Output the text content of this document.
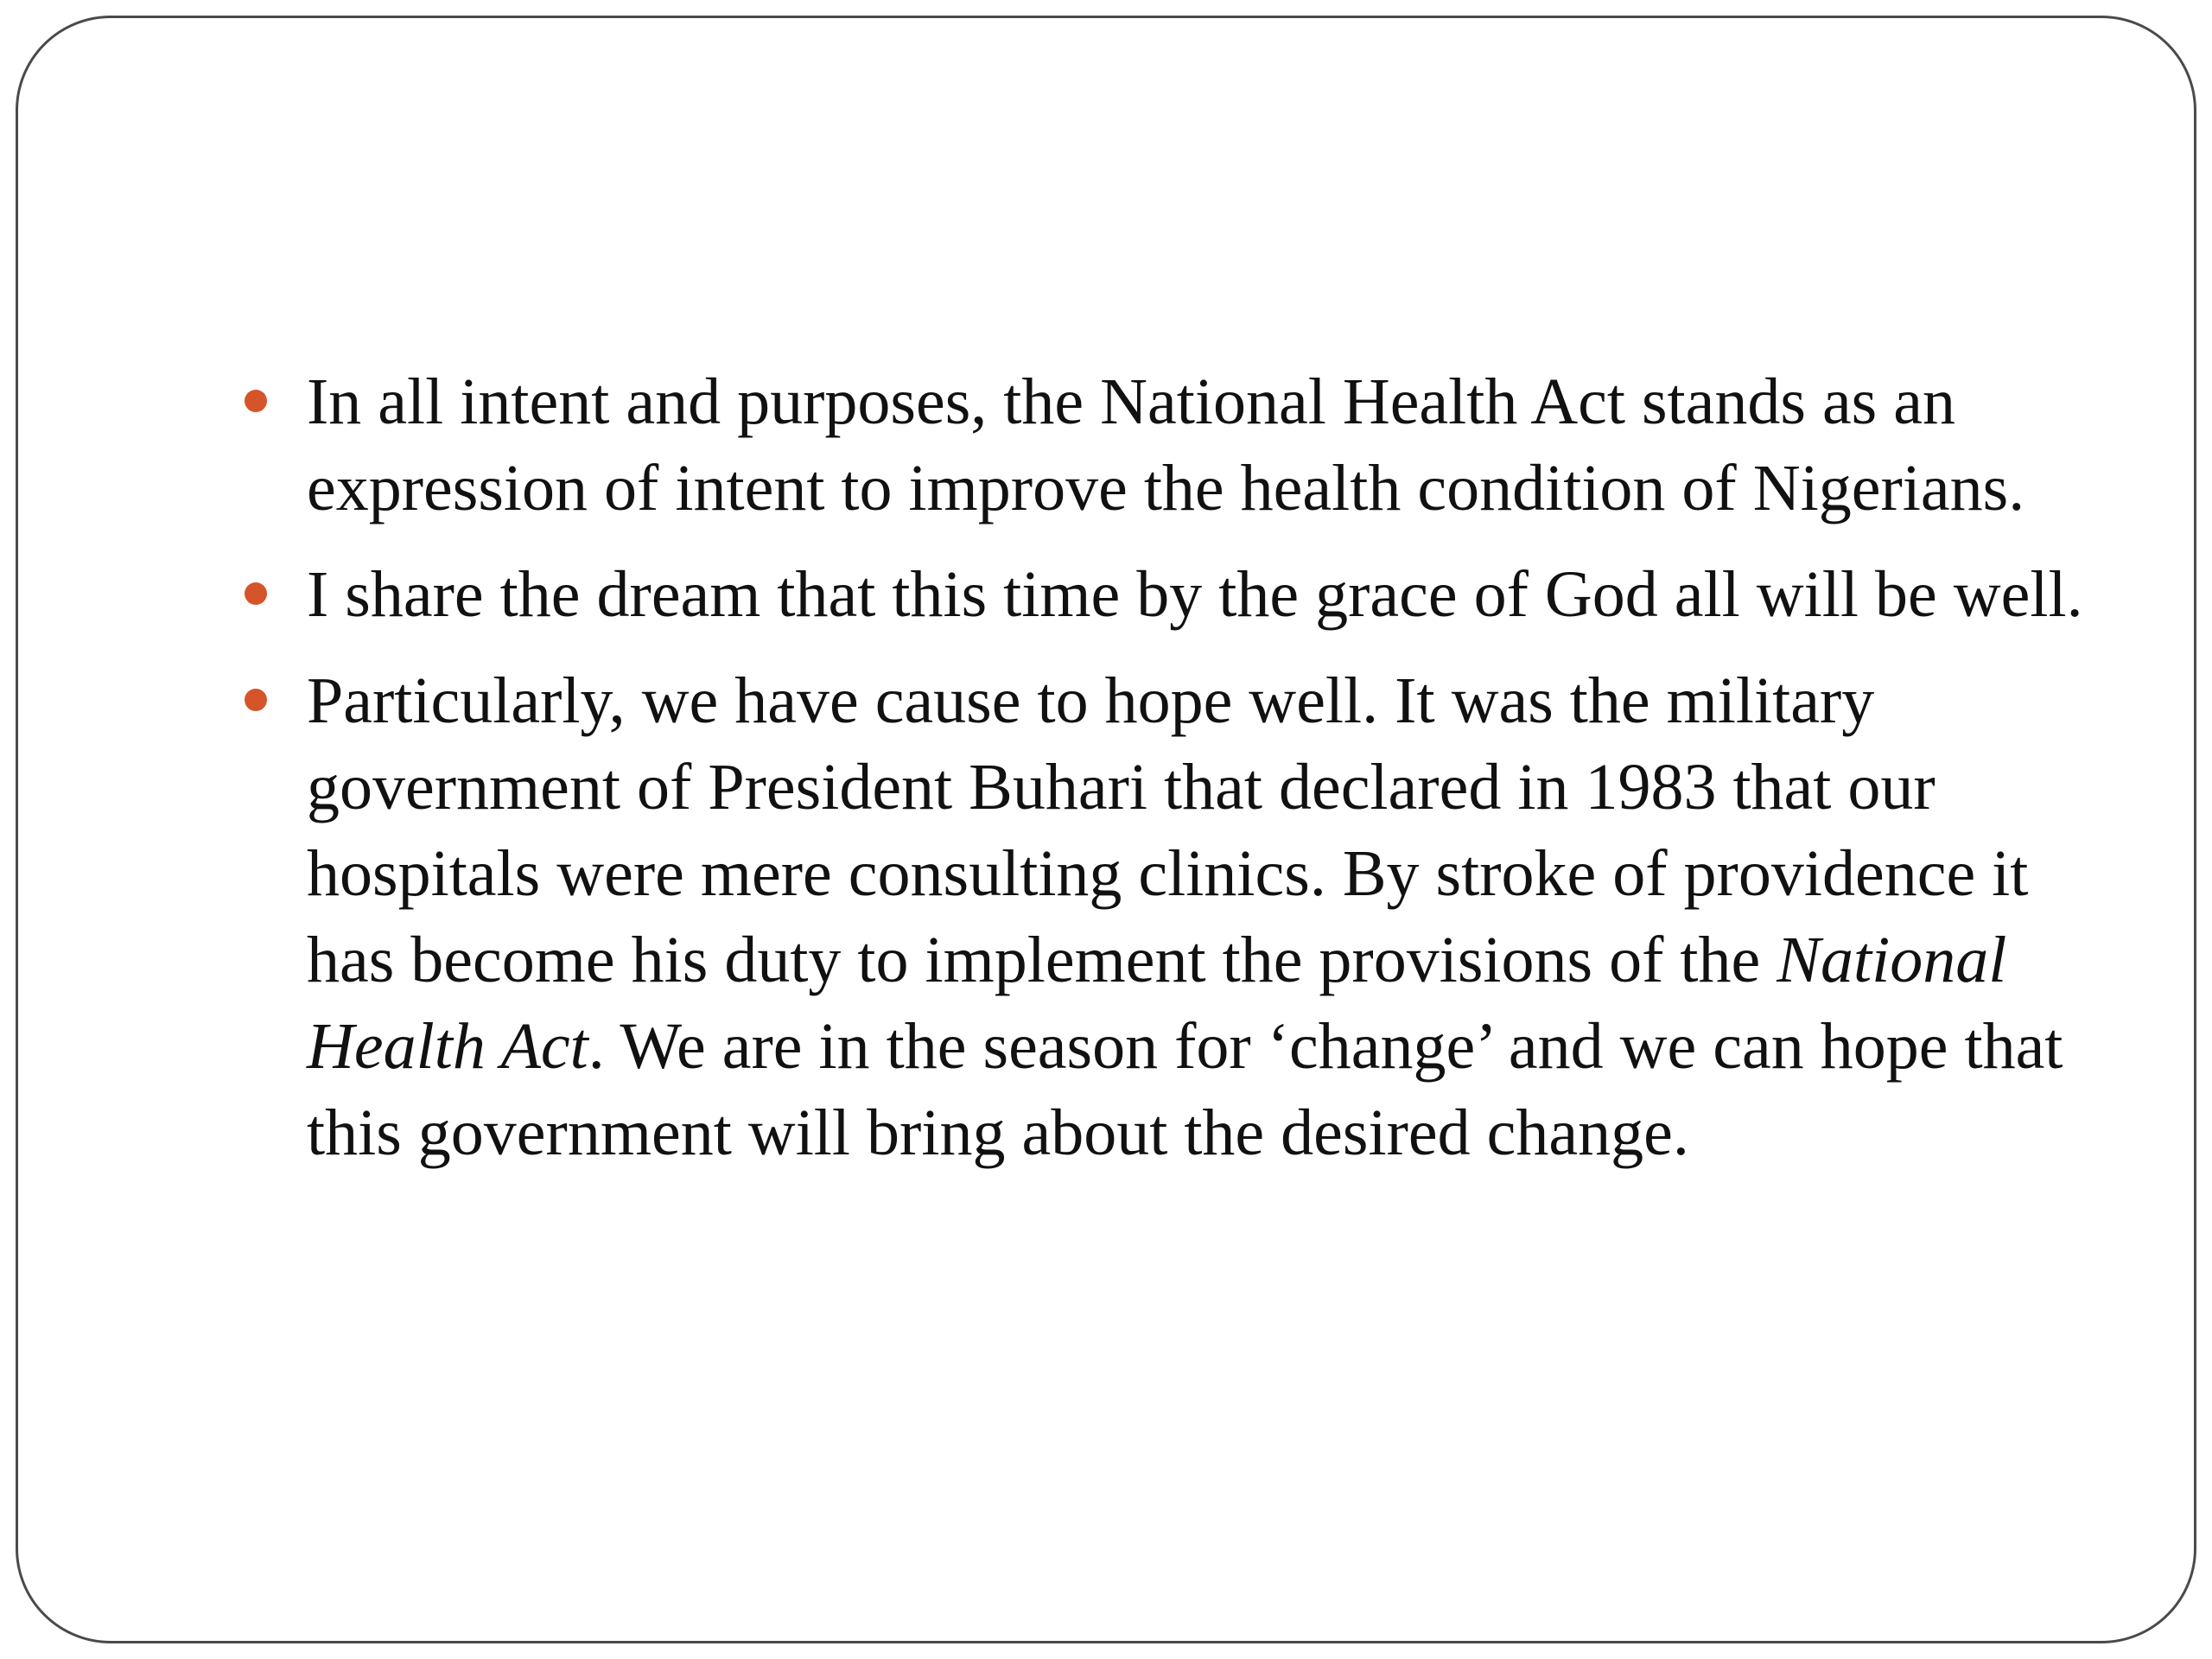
In all intent and purposes, the National Health Act stands as an expression of intent to improve the health condition of Nigerians.
I share the dream that this time by the grace of God all will be well.
Particularly, we have cause to hope well. It was the military government of President Buhari that declared in 1983 that our hospitals were mere consulting clinics. By stroke of providence it has become his duty to implement the provisions of the National Health Act. We are in the season for ‘change’ and we can hope that this government will bring about the desired change.
